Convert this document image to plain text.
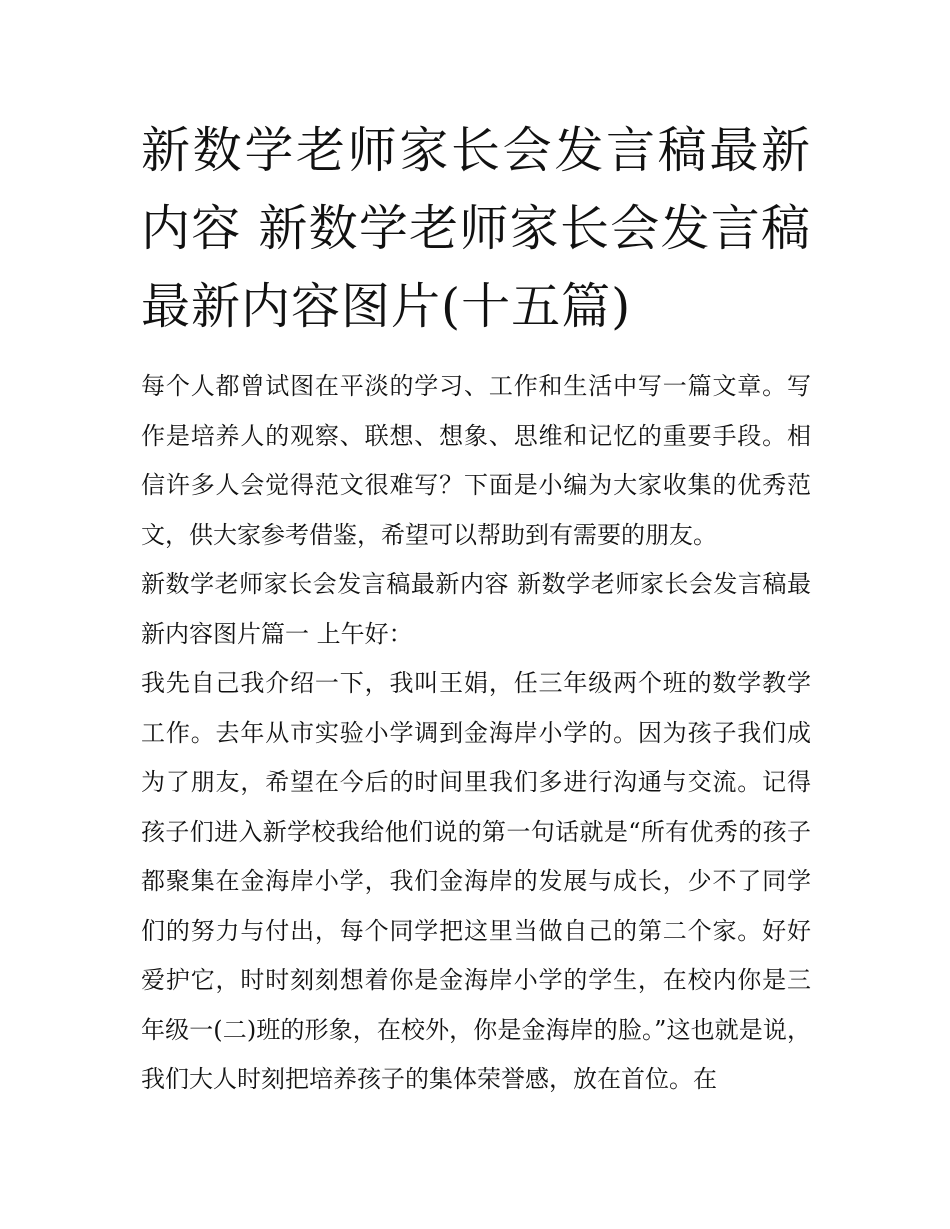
新数学老师家长会发言稿最新内容 新数学老师家长会发言稿最新内容图片(十五篇)

每个人都曾试图在平淡的学习、工作和生活中写一篇文章。写作是培养人的观察、联想、想象、思维和记忆的重要手段。相信许多人会觉得范文很难写？下面是小编为大家收集的优秀范文，供大家参考借鉴，希望可以帮助到有需要的朋友。

新数学老师家长会发言稿最新内容 新数学老师家长会发言稿最新内容图片篇一 上午好：

我先自己我介绍一下，我叫王娟，任三年级两个班的数学教学工作。去年从市实验小学调到金海岸小学的。因为孩子我们成为了朋友，希望在今后的时间里我们多进行沟通与交流。记得孩子们进入新学校我给他们说的第一句话就是“所有优秀的孩子都聚集在金海岸小学，我们金海岸的发展与成长，少不了同学们的努力与付出，每个同学把这里当做自己的第二个家。好好爱护它，时时刻刻想着你是金海岸小学的学生，在校内你是三年级一(二)班的形象，在校外，你是金海岸的脸。”这也就是说，我们大人时刻把培养孩子的集体荣誉感，放在首位。在
